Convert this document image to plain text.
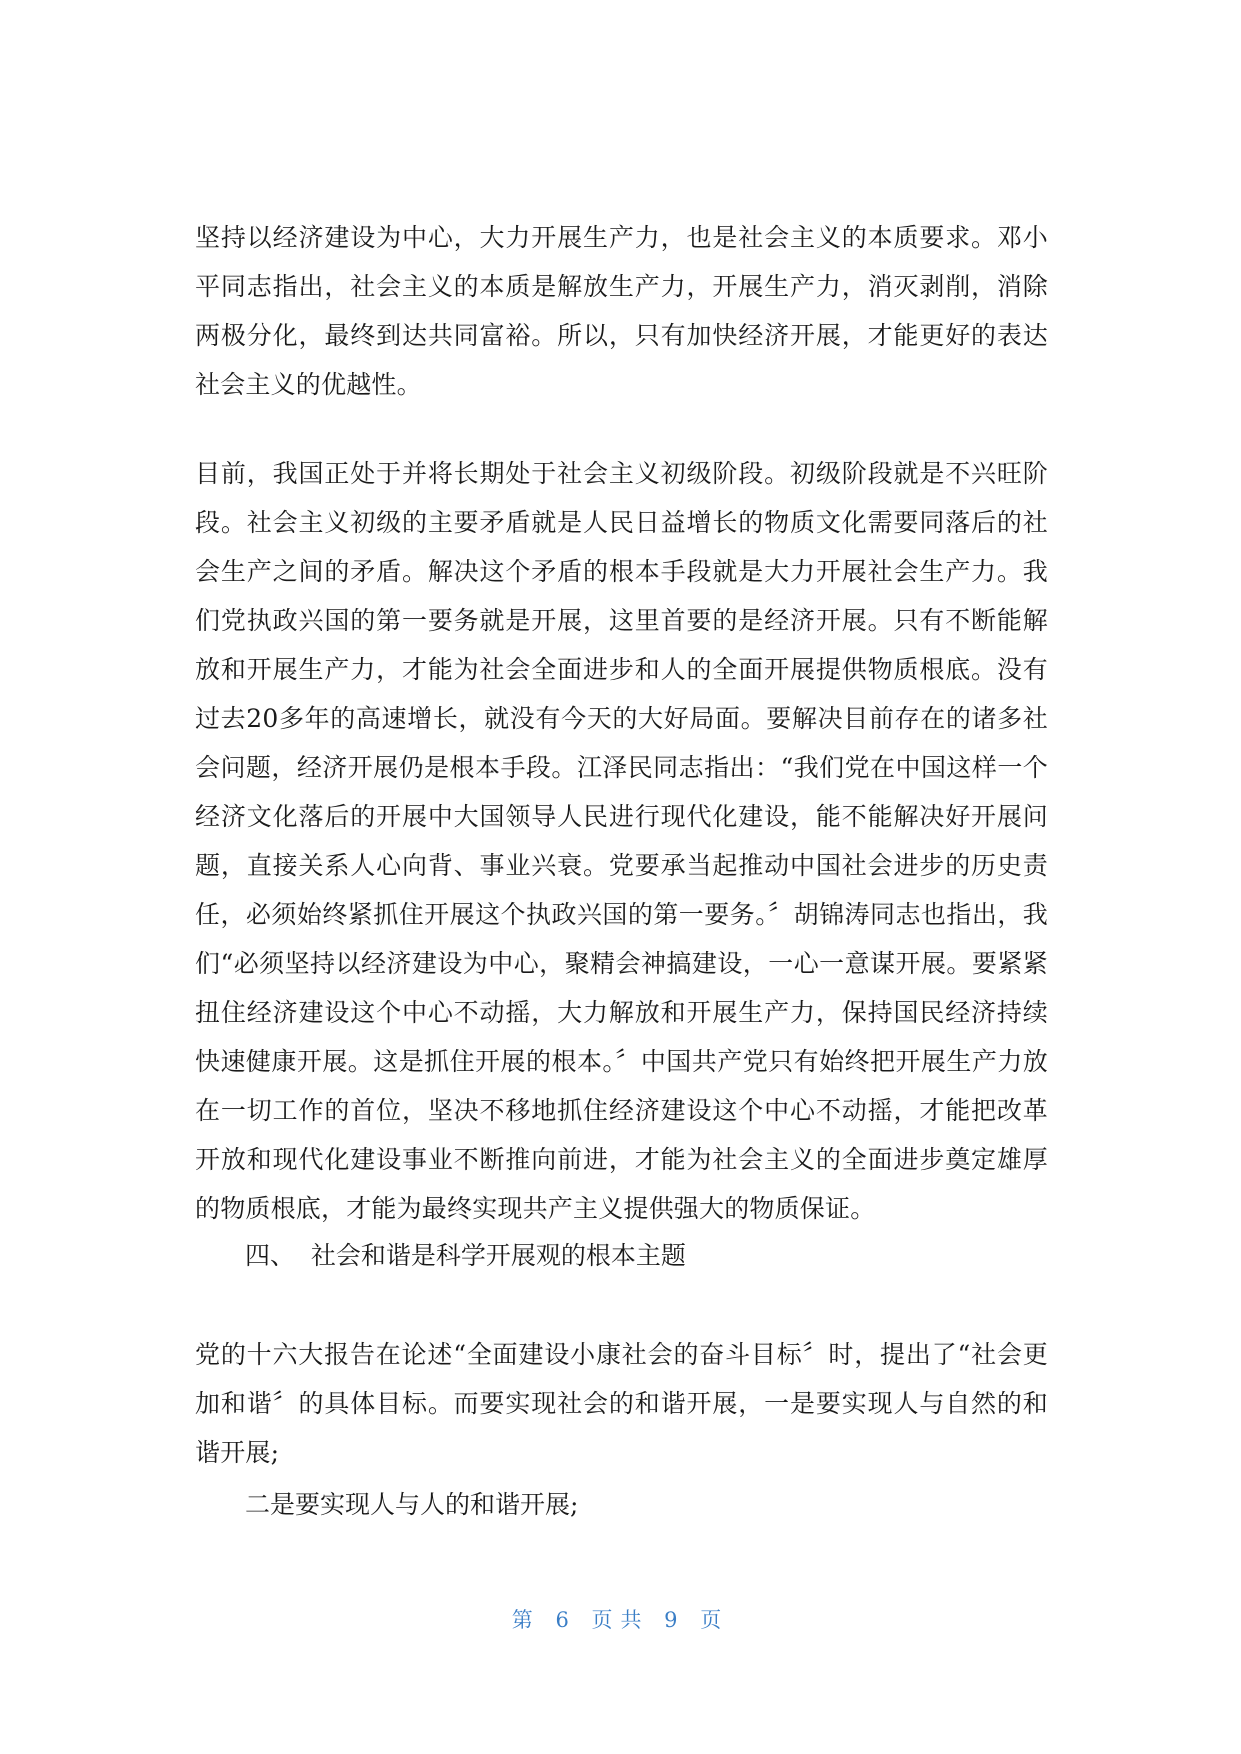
坚持以经济建设为中心，大力开展生产力，也是社会主义的本质要求。邓小平同志指出，社会主义的本质是解放生产力，开展生产力，消灭剥削，消除两极分化，最终到达共同富裕。所以，只有加快经济开展，才能更好的表达社会主义的优越性。

目前，我国正处于并将长期处于社会主义初级阶段。初级阶段就是不兴旺阶段。社会主义初级的主要矛盾就是人民日益增长的物质文化需要同落后的社会生产之间的矛盾。解决这个矛盾的根本手段就是大力开展社会生产力。我们党执政兴国的第一要务就是开展，这里首要的是经济开展。只有不断能解放和开展生产力，才能为社会全面进步和人的全面开展提供物质根底。没有过去20多年的高速增长，就没有今天的大好局面。要解决目前存在的诸多社会问题，经济开展仍是根本手段。江泽民同志指出：“我们党在中国这样一个经济文化落后的开展中大国领导人民进行现代化建设，能不能解决好开展问题，直接关系人心向背、事业兴衰。党要承当起推动中国社会进步的历史责任，必须始终紧抓住开展这个执政兴国的第一要务。〞胡锦涛同志也指出，我们“必须坚持以经济建设为中心，聚精会神搞建设，一心一意谋开展。要紧紧扭住经济建设这个中心不动摇，大力解放和开展生产力，保持国民经济持续快速健康开展。这是抓住开展的根本。〞中国共产党只有始终把开展生产力放在一切工作的首位，坚决不移地抓住经济建设这个中心不动摇，才能把改革开放和现代化建设事业不断推向前进，才能为社会主义的全面进步奠定雄厚的物质根底，才能为最终实现共产主义提供强大的物质保证。

四、  社会和谐是科学开展观的根本主题

党的十六大报告在论述“全面建设小康社会的奋斗目标〞时，提出了“社会更加和谐〞的具体目标。而要实现社会的和谐开展，一是要实现人与自然的和谐开展;

二是要实现人与人的和谐开展;

第 6 页共 9 页
